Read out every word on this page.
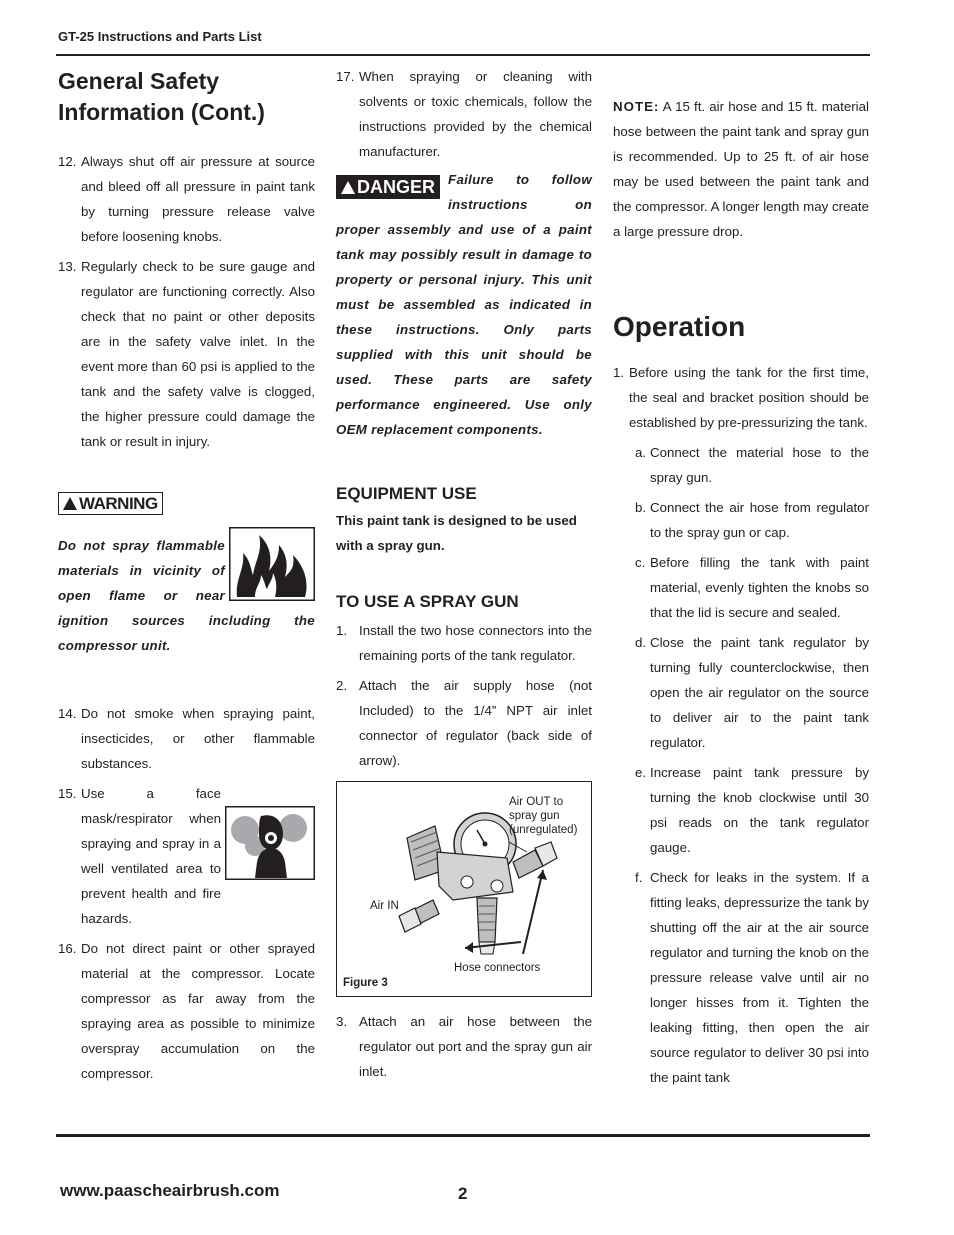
GT-25 Instructions and Parts List
www.paascheairbrush.com	2
General Safety Information (Cont.)
12. Always shut off air pressure at source and bleed off all pressure in paint tank by turning pressure release valve before loosening knobs.
13. Regularly check to be sure gauge and regulator are functioning correctly. Also check that no paint or other deposits are in the safety valve inlet. In the event more than 60 psi is applied to the tank and the safety valve is clogged, the higher pressure could damage the tank or result in injury.
WARNING

Do not spray flammable materials in vicinity of open flame or near ignition sources including the compressor unit.

14. Do not smoke when spraying paint, insecticides, or other flammable substances.
15. Use a face mask/respirator when spraying and spray in a well ventilated area to prevent health and fire hazards.
16. Do not direct paint or other sprayed material at the compressor. Locate compressor as far away from the spraying area as possible to minimize overspray accumulation on the compressor.
17. When spraying or cleaning with solvents or toxic chemicals, follow the instructions provided by the chemical manufacturer.
DANGER Failure to follow instructions on proper assembly and use of a paint tank may possibly result in damage to property or personal injury. This unit must be assembled as indicated in these instructions. Only parts supplied with this unit should be used. These parts are safety performance engineered. Use only OEM replacement components.

EQUIPMENT USE

This paint tank is designed to be used with a spray gun.

TO USE A SPRAY GUN
1. Install the two hose connectors into the remaining ports of the tank regulator.
2. Attach the air supply hose (not Included) to the 1/4” NPT air inlet connector of regulator (back side of arrow).
Air OUT to
spray gun
(unregulated)
Air IN
Hose connectors
Figure 3
3. Attach an air hose between the regulator out port and the spray gun air inlet.

NOTE: A 15 ft. air hose and 15 ft. material hose between the paint tank and spray gun is recommended. Up to 25 ft. of air hose may be used between the paint tank and the compressor. A longer length may create a large pressure drop.

Operation
1. Before using the tank for the first time, the seal and bracket position should be established by pre-pressurizing the tank.
a. Connect the material hose to the spray gun.
b. Connect the air hose from regulator to the spray gun or cap.
c. Before filling the tank with paint material, evenly tighten the knobs so that the lid is secure and sealed.
d. Close the paint tank regulator by turning fully counterclockwise, then open the air regulator on the source to deliver air to the paint tank regulator.
e. Increase paint tank pressure by turning the knob clockwise until 30 psi reads on the tank regulator gauge.
f. Check for leaks in the system. If a fitting leaks, depressurize the tank by shutting off the air at the air source regulator and turning the knob on the pressure release valve until air no longer hisses from it. Tighten the leaking fitting, then open the air source regulator to deliver 30 psi into the paint tank
